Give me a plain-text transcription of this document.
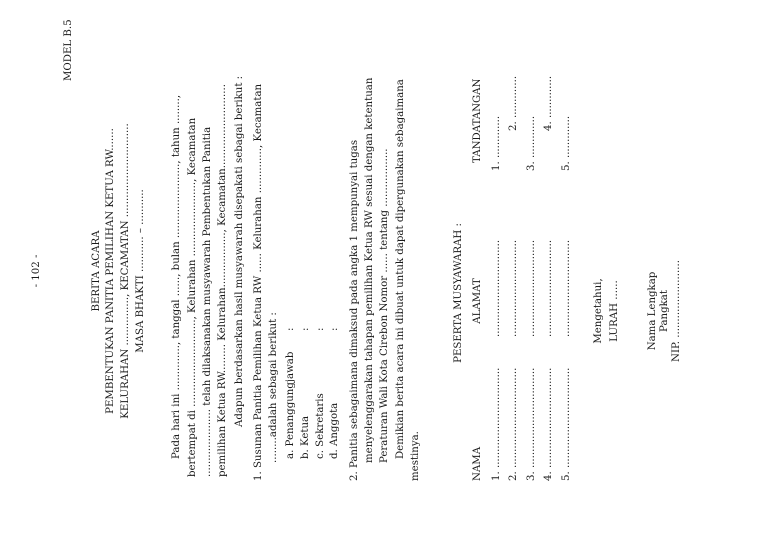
MODEL B.5
- 102 -	BERITA ACARA PEMBENTUKAN PANITIA PEMILIHAN KETUA RW....... KELURAHAN ..............., KECAMATAN ............................. MASA BHAKTI ........... – ........... Pada hari ini .............., tanggal ......, bulan ......................., tahun ........, bertempat di ..........................., Kelurahan ......................., Kecamatan ..................... telah dilaksanakan musyawarah Pembentukan Panitia pemilihan Ketua RW......... Kelurahan................., Kecamatan.......................... Adapun berdasarkan hasil musyawarah disepakati sebagai berikut : 1. Susunan Panitia Pemilihan Ketua RW ...... Kelurahan .............., Kecamatan ........adalah sebagai berikut : a. Penanggungjawab b. Ketua c. Sekretaris d. Anggota
: : : : 2. Panitia sebagaimana dimaksud pada angka 1 mempunyai tugas menyelenggarakan tahapan pemilihan Ketua RW sesuai dengan ketentuan Peraturan Wali Kota Cirebon Nomor ...... tentang .................. Demikian berita acara ini dibuat untuk dapat dipergunakan sebagaimana mestinya.
PESERTA MUSYAWARAH :
NAMA
ALAMAT
TANDATANGAN
1. ............................... 2. ............................... 3. ............................... 4. ............................... 5. ...............................
.............................. .............................. .............................. .............................. ..............................
1. .............
2. .............
3. .............
4. .............
5. .............
Mengetahui, LURAH ......	Nama Lengkap Pangkat NIP. ........................
